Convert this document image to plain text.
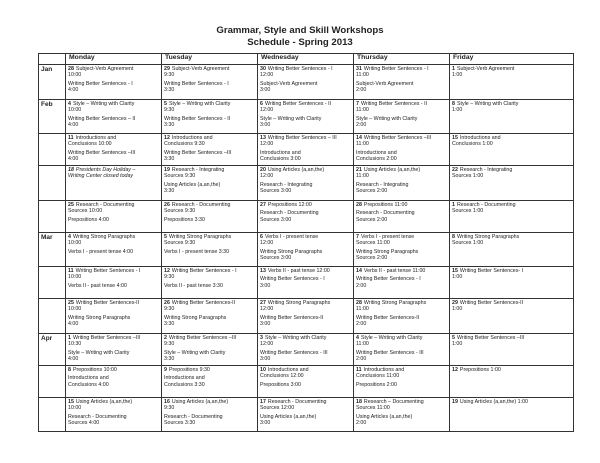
Grammar, Style and Skill Workshops
Schedule - Spring 2013
	Monday	Tuesday	Wednesday	Thursday	Friday
Jan	28 Subject-Verb Agreement
10:00
Writing Better Sentences - I
4:00	29 Subject-Verb Agreement
9:30
Writing Better Sentences - I
3:30	30 Writing Better Sentences - I
12:00
Subject-Verb Agreement
3:00	31 Writing Better Sentences - I
11:00
Subject-Verb Agreement
2:00	1 Subject-Verb Agreement
1:00

Feb	4 Style – Writing with Clarity
10:00
Writing Better Sentences – II
4:00	5 Style – Writing with Clarity
9:30
Writing Better Sentences - II
3:30	6 Writing Better Sentences - II
12:00
Style – Writing with Clarity
3:00	7 Writing Better Sentences - II
11:00
Style – Writing with Clarity
2:00	8 Style – Writing with Clarity
1:00

	11 Introductions and
Conclusions 10:00
Writing Better Sentences –III
4:00	12 Introductions and
Conclusions 9:30
Writing Better Sentences –III
3:30	13 Writing Better Sentences – III
12:00
Introductions and
Conclusions 3:00	14 Writing Better Sentences –III
11:00
Introductions and
Conclusions 2:00	15 Introductions and
Conclusions 1:00

	18 Presidents Day Holiday –
Writing Center closed today	19 Research - Integrating
Sources 9:30
Using Articles (a,an,the)
3:30	20 Using Articles (a,an,the)
12:00
Research - Integrating
Sources 3:00	21 Using Articles (a,an,the)
11:00
Research - Integrating
Sources 2:00	22 Research - Integrating
Sources 1:00

	25 Research - Documenting
Sources 10:00
Prepositions 4:00	26 Research - Documenting
Sources 9:30
Prepositions 3:30	27 Prepositions 12:00
Research - Documenting
Sources 3:00	28 Prepositions 11:00
Research - Documenting
Sources 2:00	1 Research - Documenting
Sources 1:00

Mar	4 Writing Strong Paragraphs
10:00
Verbs I - present tense 4:00	5 Writing Strong Paragraphs
Sources 9:30
Verbs I - present tense 3:30	6 Verbs I - present tense
12:00
Writing Strong Paragraphs
Sources 3:00	7 Verbs I - present tense
Sources 11:00
Writing Strong Paragraphs
Sources 2:00	8 Writing Strong Paragraphs
Sources 1:00

	11 Writing Better Sentences - I
10:00
Verbs II - past tense 4:00	12 Writing Better Sentences - I
9:30
Verbs II - past tense 3:30	13 Verbs II - past tense 12:00
Writing Better Sentences - I
3:00	14 Verbs II - past tense 11:00
Writing Better Sentences - I
2:00	15 Writing Better Sentences- I
1:00

	25 Writing Better Sentences-II
10:00
Writing Strong Paragraphs
4:00	26 Writing Better Sentences-II
9:30
Writing Strong Paragraphs
3:30	27 Writing Strong Paragraphs
12:00
Writing Better Sentences-II
3:00	28 Writing Strong Paragraphs
11:00
Writing Better Sentences-II
2:00	29 Writing Better Sentences-II
1:00

Apr	1 Writing Better Sentences –III
10:30
Style – Writing with Clarity
4:00	2 Writing Better Sentences –III
9:30
Style – Writing with Clarity
3:30	3 Style – Writing with Clarity
12:00
Writing Better Sentences - III
3:00	4 Style – Writing with Clarity
11:00
Writing Better Sentences - III
2:00	5 Writing Better Sentences –III
1:00

	8 Prepositions 10:00
Introductions and
Conclusions 4:00	9 Prepositions 9:30
Introductions and
Conclusions 3:30	10 Introductions and
Conclusions 12:00
Prepositions 3:00	11 Introductions and
Conclusions 11:00
Prepositions 2:00	12 Prepositions 1:00

	15 Using Articles (a,an,the)
10:00
Research - Documenting
Sources 4:00	16 Using Articles (a,an,the)
9:30
Research - Documenting
Sources 3:30	17 Research - Documenting
Sources 12:00
Using Articles (a,an,the)
3:00	18 Research – Documenting
Sources 11:00
Using Articles (a,an,the)
2:00	19 Using Articles (a,an,the) 1:00
